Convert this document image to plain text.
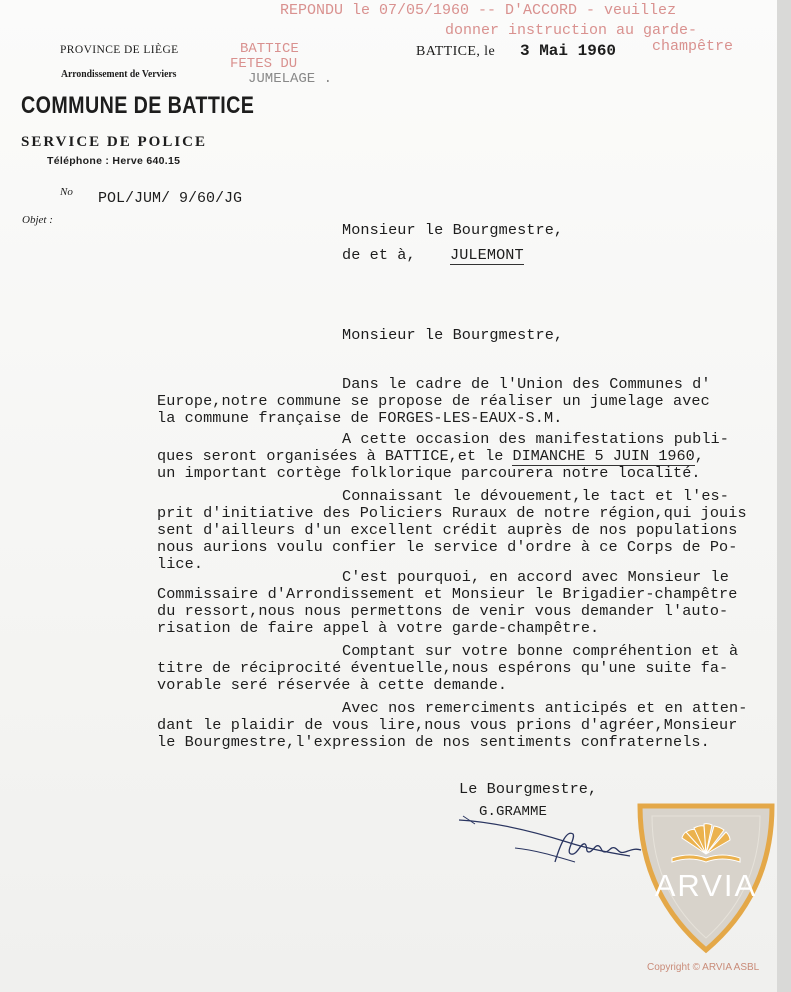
REPONDU le 07/05/1960 -- D'ACCORD - veuillez
donner instruction au garde-
champêtre
BATTICE
FETES DU
JUMELAGE .
PROVINCE DE LIÈGE
Arrondissement de Verviers
COMMUNE DE BATTICE
SERVICE DE POLICE
Téléphone : Herve 640.15
No POL/JUM/ 9/60/JG
Objet :
BATTICE, le 3 Mai 1960
Monsieur le Bourgmestre,
de et à, JULEMONT
Monsieur le Bourgmestre,
Dans le cadre de l'Union des Communes d'
Europe,notre commune se propose de réaliser un jumelage avec
la commune française de FORGES-LES-EAUX-S.M.
A cette occasion des manifestations publi-
ques seront organisées à BATTICE,et le DIMANCHE 5 JUIN 1960,
un important cortège folklorique parcourera notre localité.
Connaissant le dévouement,le tact et l'es-
prit d'initiative des Policiers Ruraux de notre région,qui jouis
sent d'ailleurs d'un excellent crédit auprès de nos populations
nous aurions voulu confier le service d'ordre à ce Corps de Po-
lice.
C'est pourquoi, en accord avec Monsieur le
Commissaire d'Arrondissement et Monsieur le Brigadier-champêtre
du ressort,nous nous permettons de venir vous demander l'auto-
risation de faire appel à votre garde-champêtre.
Comptant sur votre bonne compréhention et à
titre de réciprocité éventuelle,nous espérons qu'une suite fa-
vorable seré réservée à cette demande.
Avec nos remerciments anticipés et en atten-
dant le plaidir de vous lire,nous vous prions d'agréer,Monsieur
le Bourgmestre,l'expression de nos sentiments confraternels.
Le Bourgmestre,
G.GRAMME
ARVIA
Copyright © ARVIA ASBL
